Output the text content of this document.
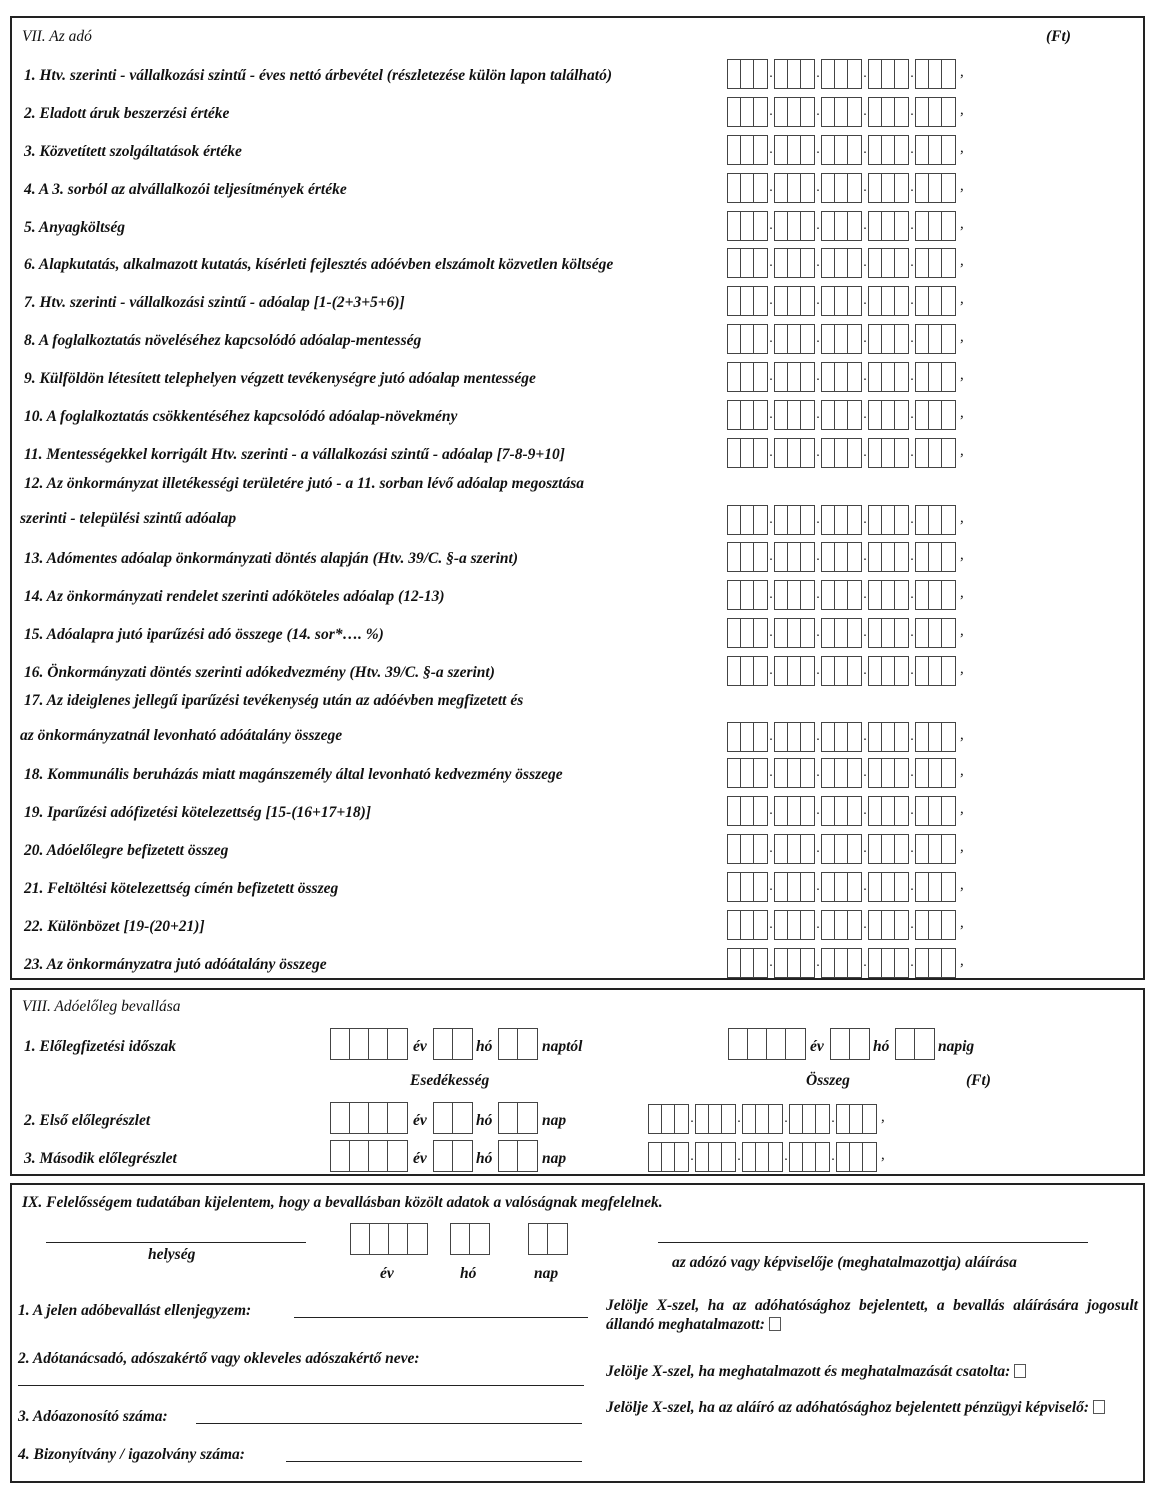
VII. Az adó	(Ft)
1. Htv. szerinti - vállalkozási szintű - éves nettó árbevétel (részletezése külön lapon található)	.	.	.	.	,
2. Eladott áruk beszerzési értéke	.	.	.	.	,
3. Közvetített szolgáltatások értéke	.	.	.	.	,
4. A 3. sorból az alvállalkozói teljesítmények értéke	.	.	.	.	,
5. Anyagköltség	.	.	.	.	,
6. Alapkutatás, alkalmazott kutatás, kísérleti fejlesztés adóévben elszámolt közvetlen költsége	.	.	.	.	,
7. Htv. szerinti - vállalkozási szintű - adóalap [1-(2+3+5+6)]	.	.	.	.	,
8. A foglalkoztatás növeléséhez kapcsolódó adóalap-mentesség	.	.	.	.	,
9. Külföldön létesített telephelyen végzett tevékenységre jutó adóalap mentessége	.	.	.	.	,
10. A foglalkoztatás csökkentéséhez kapcsolódó adóalap-növekmény	.	.	.	.	,
11. Mentességekkel korrigált Htv. szerinti - a vállalkozási szintű - adóalap [7-8-9+10]	.	.	.	.	,
12. Az önkormányzat illetékességi területére jutó - a 11. sorban lévő adóalap megosztása
szerinti - települési szintű adóalap	.	.	.	.	,
13. Adómentes adóalap önkormányzati döntés alapján (Htv. 39/C. §-a szerint)	.	.	.	.	,
14. Az önkormányzati rendelet szerinti adóköteles adóalap (12-13)	.	.	.	.	,
15. Adóalapra jutó iparűzési adó összege (14. sor*…. %)	.	.	.	.	,
16. Önkormányzati döntés szerinti adókedvezmény (Htv. 39/C. §-a szerint)	.	.	.	.	,
17. Az ideiglenes jellegű iparűzési tevékenység után az adóévben megfizetett és
az önkormányzatnál levonható adóátalány összege	.	.	.	.	,
18. Kommunális beruházás miatt magánszemély által levonható kedvezmény összege	.	.	.	.	,
19. Iparűzési adófizetési kötelezettség [15-(16+17+18)]	.	.	.	.	,
20. Adóelőlegre befizetett összeg	.	.	.	.	,
21. Feltöltési kötelezettség címén befizetett összeg	.	.	.	.	,
22. Különbözet [19-(20+21)]	.	.	.	.	,
23. Az önkormányzatra jutó adóátalány összege	.	.	.	.	,
VIII. Adóelőleg bevallása
1. Előlegfizetési időszak	év	hó	naptól	év	hó	napig
Esedékesség	Összeg	(Ft)
2. Első előlegrészlet	év	hó	nap	.	.	.	.	,
3. Második előlegrészlet	év	hó	nap	.	.	.	.	,
IX. Felelősségem tudatában kijelentem, hogy a bevallásban közölt adatok a valóságnak megfelelnek.
helység
év	hó	nap
az adózó vagy képviselője (meghatalmazottja) aláírása
1. A jelen adóbevallást ellenjegyzem:
2. Adótanácsadó, adószakértő vagy okleveles adószakértő neve:
3. Adóazonosító száma:
4. Bizonyítvány / igazolvány száma:
Jelölje X-szel, ha az adóhatósághoz bejelentett, a bevallás aláírására jogosult állandó meghatalmazott:
Jelölje X-szel, ha meghatalmazott és meghatalmazását csatolta:
Jelölje X-szel, ha az aláíró az adóhatósághoz bejelentett pénzügyi képviselő:
